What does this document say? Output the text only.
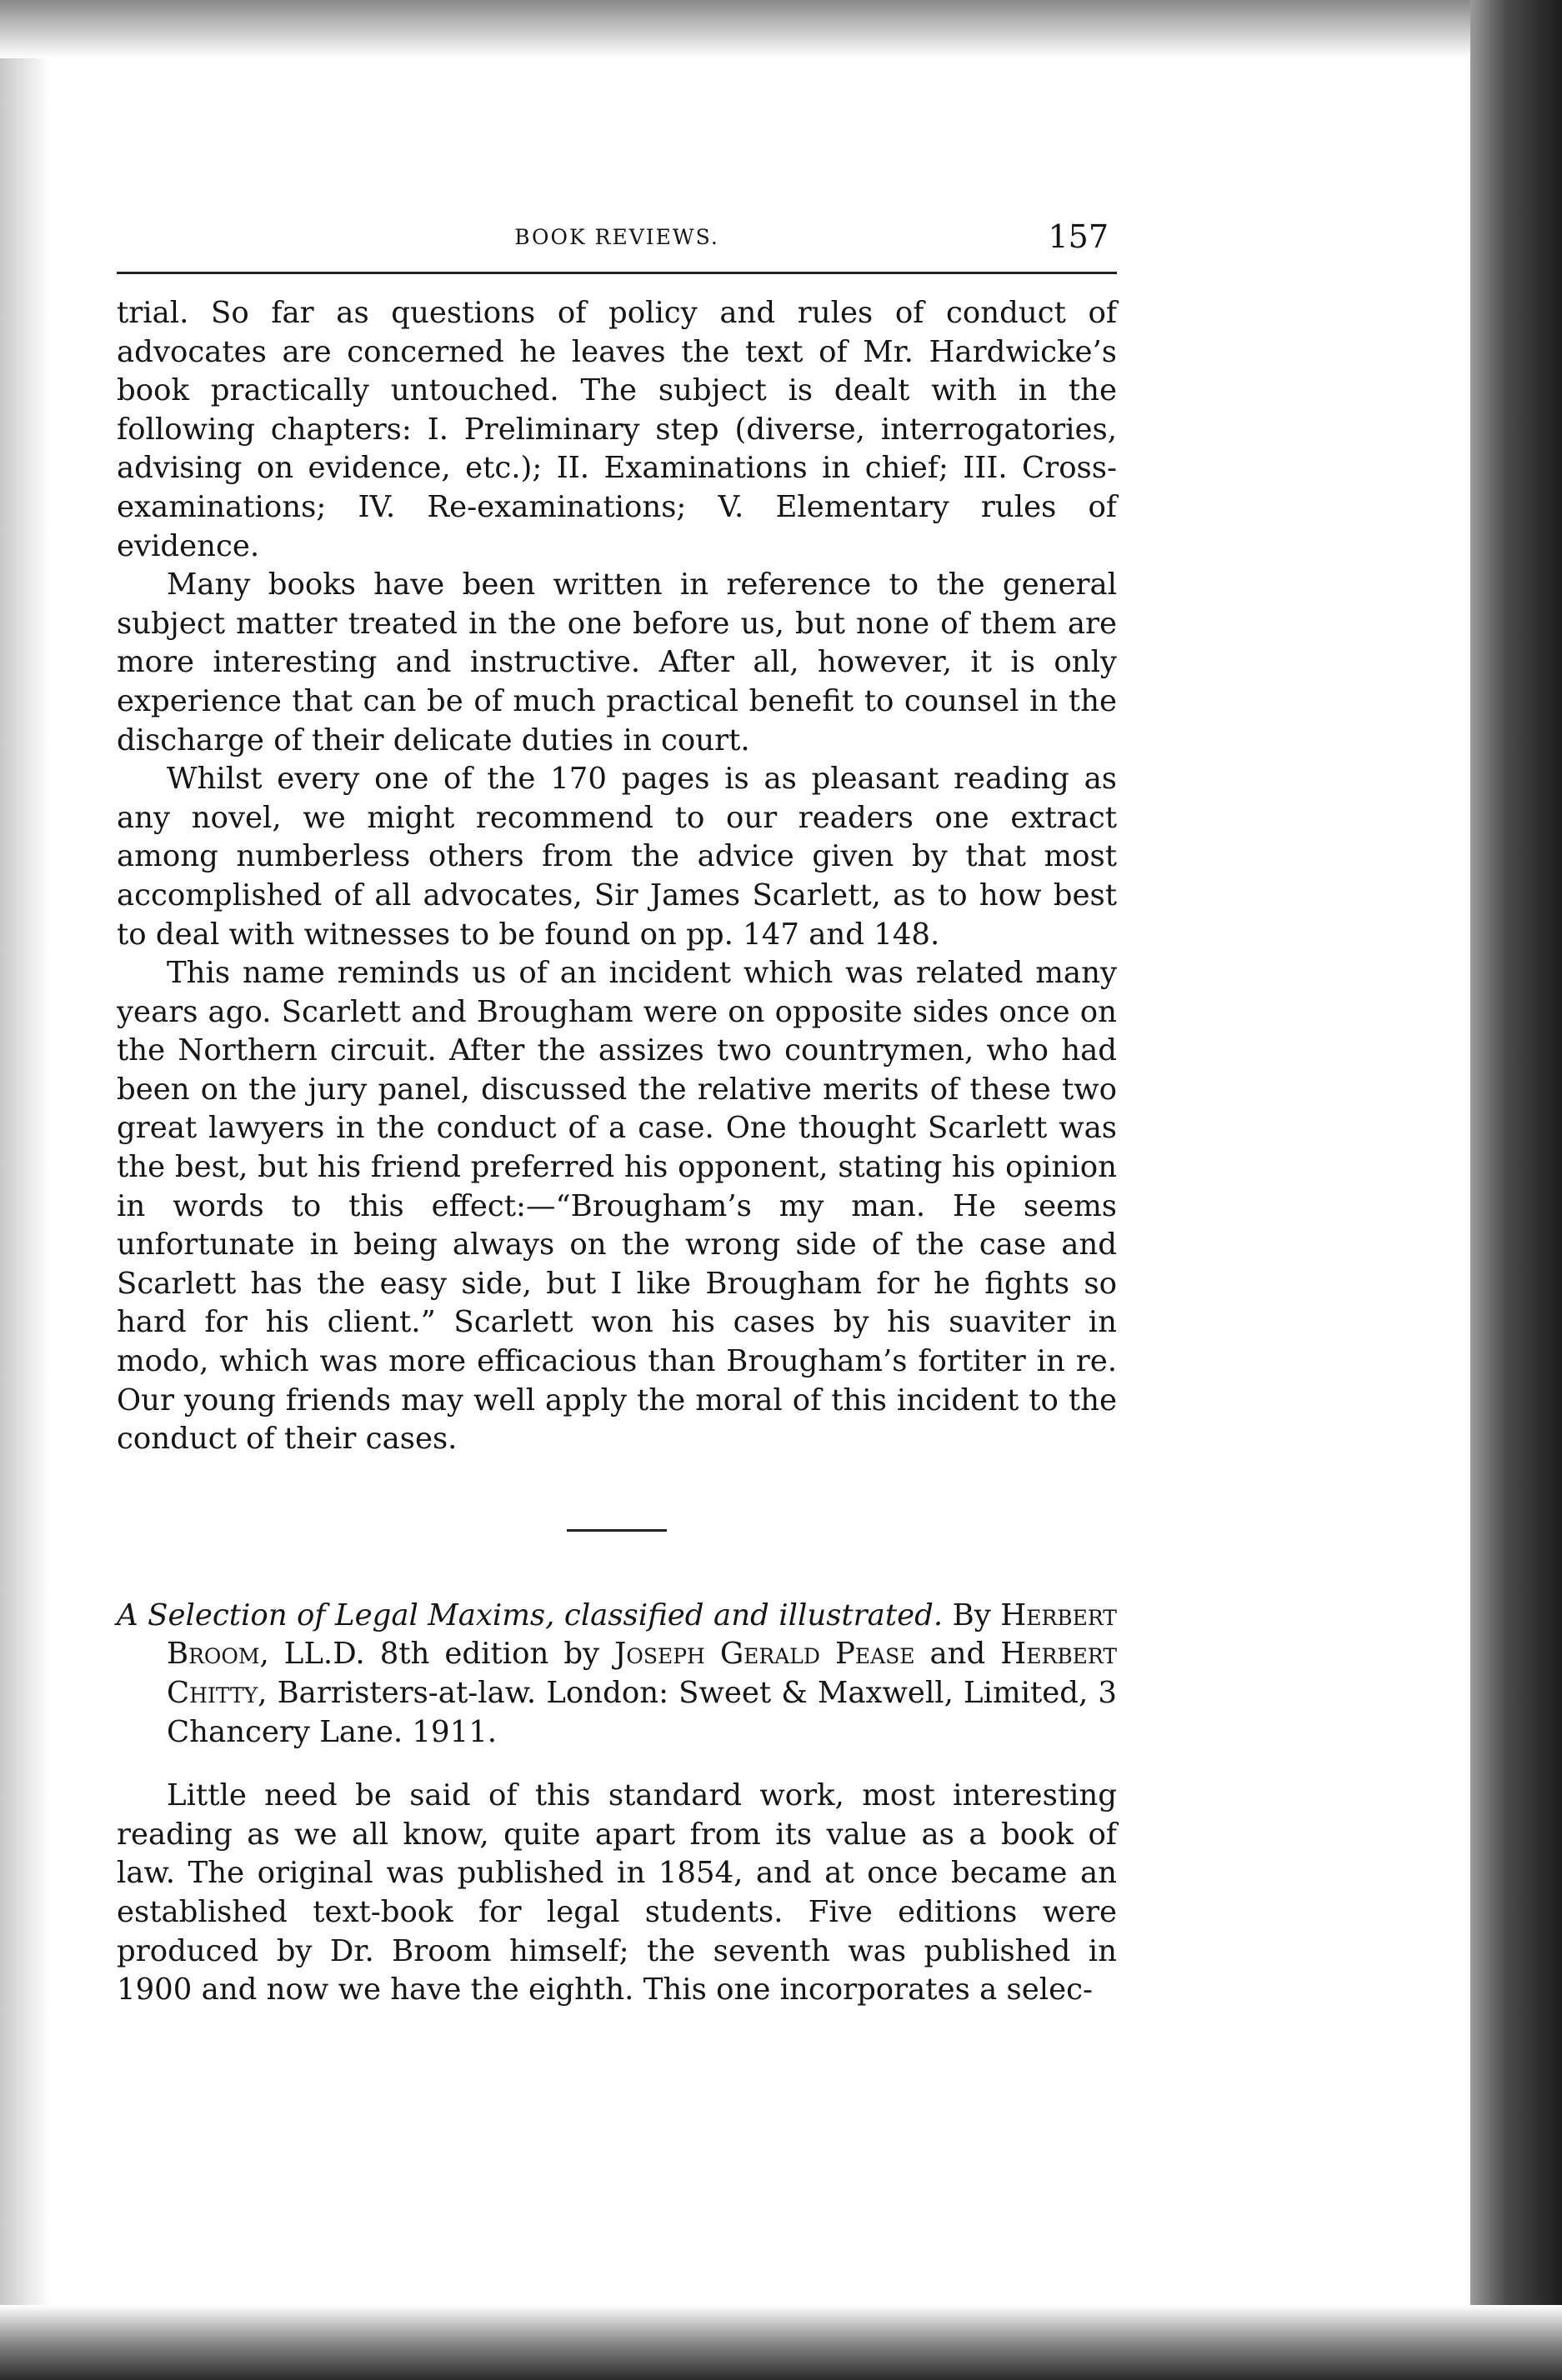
BOOK REVIEWS.	157

trial. So far as questions of policy and rules of conduct of advocates are concerned he leaves the text of Mr. Hardwicke’s book practically untouched. The subject is dealt with in the following chapters: I. Preliminary step (diverse, interrogatories, advising on evidence, etc.); II. Examinations in chief; III. Cross-examinations; IV. Re-examinations; V. Elementary rules of evidence.

Many books have been written in reference to the general subject matter treated in the one before us, but none of them are more interesting and instructive. After all, however, it is only experience that can be of much practical benefit to counsel in the discharge of their delicate duties in court.

Whilst every one of the 170 pages is as pleasant reading as any novel, we might recommend to our readers one extract among numberless others from the advice given by that most accomplished of all advocates, Sir James Scarlett, as to how best to deal with witnesses to be found on pp. 147 and 148.

This name reminds us of an incident which was related many years ago. Scarlett and Brougham were on opposite sides once on the Northern circuit. After the assizes two countrymen, who had been on the jury panel, discussed the relative merits of these two great lawyers in the conduct of a case. One thought Scarlett was the best, but his friend preferred his opponent, stating his opinion in words to this effect:—“Brougham’s my man. He seems unfortunate in being always on the wrong side of the case and Scarlett has the easy side, but I like Brougham for he fights so hard for his client.” Scarlett won his cases by his suaviter in modo, which was more efficacious than Brougham’s fortiter in re. Our young friends may well apply the moral of this incident to the conduct of their cases.

A Selection of Legal Maxims, classified and illustrated. By Herbert Broom, LL.D. 8th edition by Joseph Gerald Pease and Herbert Chitty, Barristers-at-law. London: Sweet & Maxwell, Limited, 3 Chancery Lane. 1911.

Little need be said of this standard work, most interesting reading as we all know, quite apart from its value as a book of law. The original was published in 1854, and at once became an established text-book for legal students. Five editions were produced by Dr. Broom himself; the seventh was published in 1900 and now we have the eighth. This one incorporates a selec-
